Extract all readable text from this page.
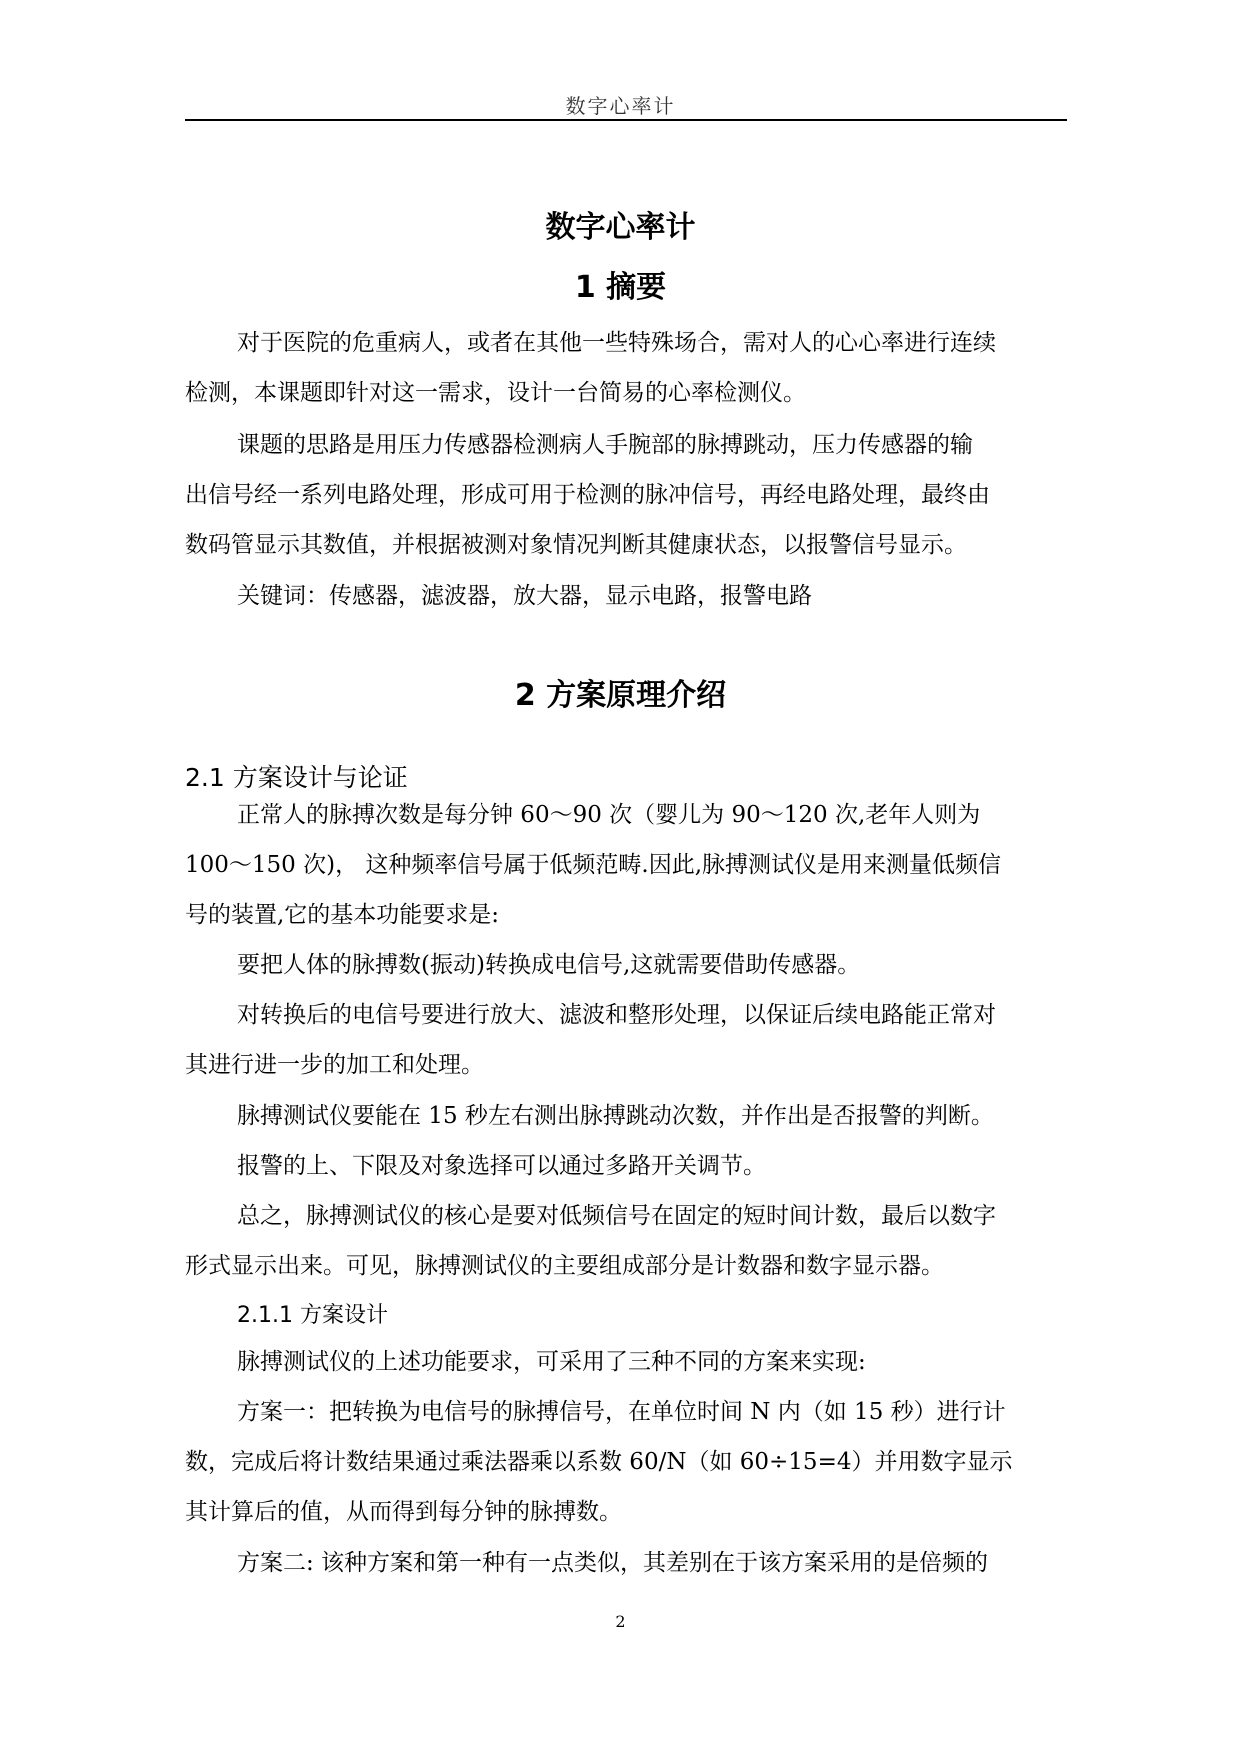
数字心率计
数字心率计
1 摘要
对于医院的危重病人，或者在其他一些特殊场合，需对人的心心率进行连续
检测，本课题即针对这一需求，设计一台简易的心率检测仪。
课题的思路是用压力传感器检测病人手腕部的脉搏跳动，压力传感器的输
出信号经一系列电路处理，形成可用于检测的脉冲信号，再经电路处理，最终由
数码管显示其数值，并根据被测对象情况判断其健康状态，以报警信号显示。
关键词：传感器，滤波器，放大器，显示电路，报警电路
2 方案原理介绍
2.1 方案设计与论证
正常人的脉搏次数是每分钟 60～90 次（婴儿为 90～120 次,老年人则为
100～150 次)， 这种频率信号属于低频范畴.因此,脉搏测试仪是用来测量低频信
号的装置,它的基本功能要求是:
要把人体的脉搏数(振动)转换成电信号,这就需要借助传感器。
对转换后的电信号要进行放大、滤波和整形处理，以保证后续电路能正常对
其进行进一步的加工和处理。
脉搏测试仪要能在 15 秒左右测出脉搏跳动次数，并作出是否报警的判断。
报警的上、下限及对象选择可以通过多路开关调节。
总之，脉搏测试仪的核心是要对低频信号在固定的短时间计数，最后以数字
形式显示出来。可见，脉搏测试仪的主要组成部分是计数器和数字显示器。
2.1.1 方案设计
脉搏测试仪的上述功能要求，可采用了三种不同的方案来实现:
方案一：把转换为电信号的脉搏信号，在单位时间 N 内（如 15 秒）进行计
数，完成后将计数结果通过乘法器乘以系数 60/N（如 60÷15=4）并用数字显示
其计算后的值，从而得到每分钟的脉搏数。
方案二: 该种方案和第一种有一点类似，其差别在于该方案采用的是倍频的
2
